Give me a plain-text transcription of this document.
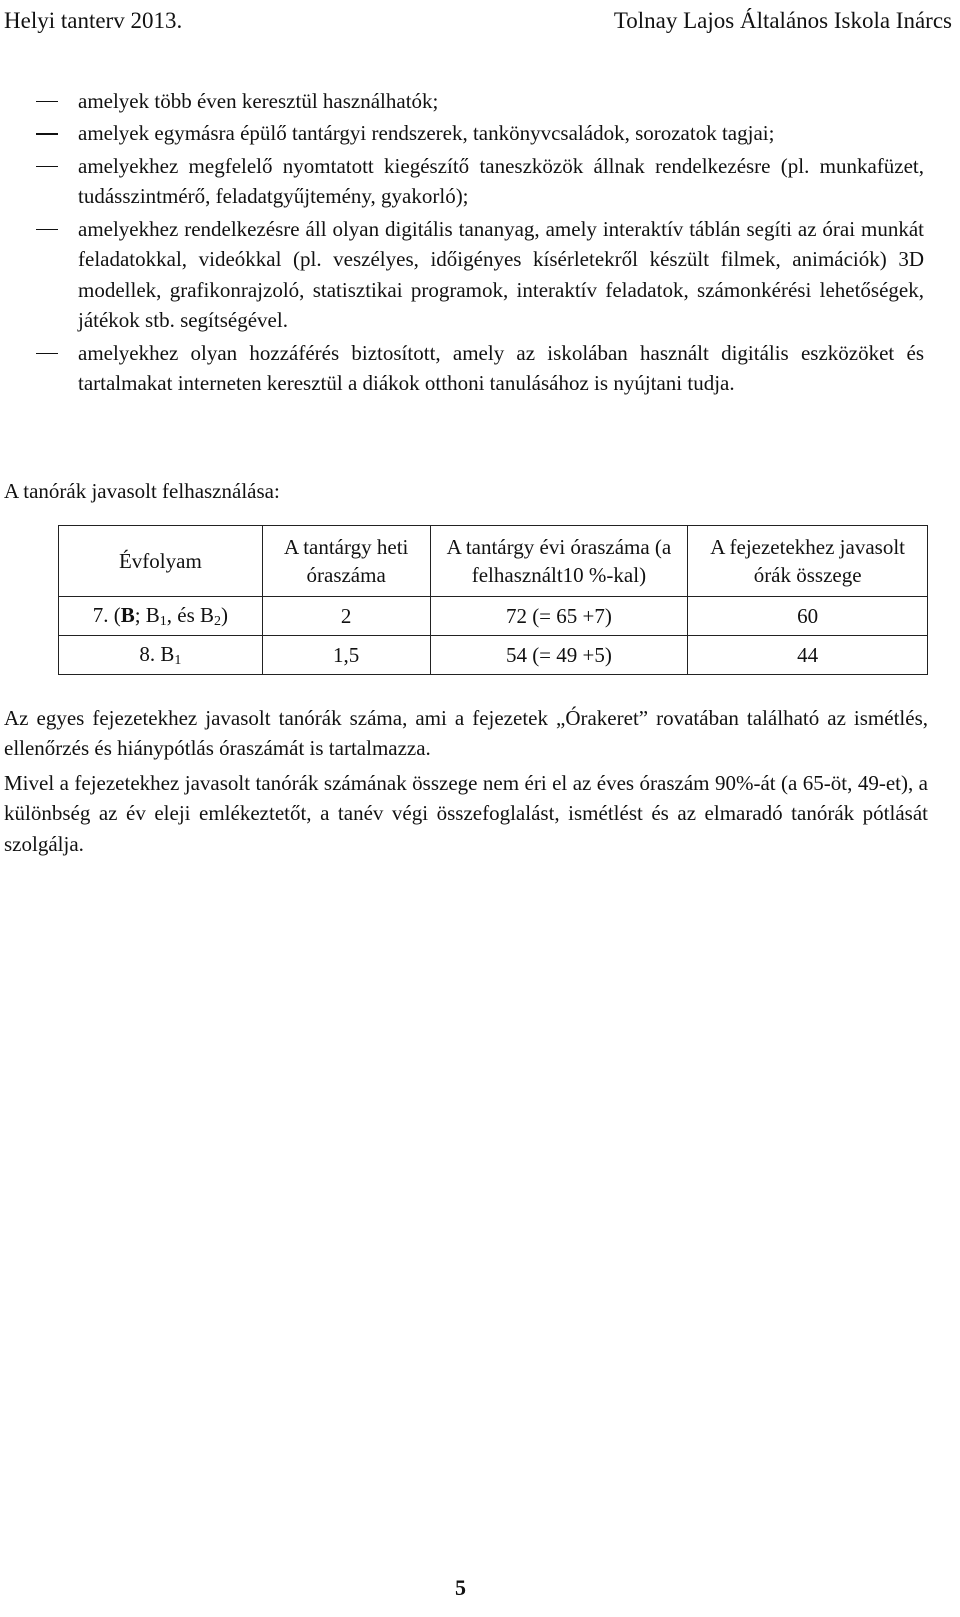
Helyi tanterv 2013.	Tolnay Lajos Általános Iskola Inárcs
amelyek több éven keresztül használhatók;
amelyek egymásra épülő tantárgyi rendszerek, tankönyvcsaládok, sorozatok tagjai;
amelyekhez megfelelő nyomtatott kiegészítő taneszközök állnak rendelkezésre (pl. munkafüzet, tudásszintmérő, feladatgyűjtemény, gyakorló);
amelyekhez rendelkezésre áll olyan digitális tananyag, amely interaktív táblán segíti az órai munkát feladatokkal, videókkal (pl. veszélyes, időigényes kísérletekről készült filmek, animációk) 3D modellek, grafikonrajzoló, statisztikai programok, interaktív feladatok, számonkérési lehetőségek, játékok stb. segítségével.
amelyekhez olyan hozzáférés biztosított, amely az iskolában használt digitális eszközöket és tartalmakat interneten keresztül a diákok otthoni tanulásához is nyújtani tudja.
A tanórák javasolt felhasználása:
Évfolyam	A tantárgy heti óraszáma	A tantárgy évi óraszáma (a felhasznált10 %-kal)	A fejezetekhez javasolt órák összege
7. (B; $B_1$, és $B_2$)	2	72 (= 65 +7)	60
8. $B_1$	1,5	54 (= 49 +5)	44
Az egyes fejezetekhez javasolt tanórák száma, ami a fejezetek „Órakeret” rovatában található az ismétlés, ellenőrzés és hiánypótlás óraszámát is tartalmazza.
Mivel a fejezetekhez javasolt tanórák számának összege nem éri el az éves óraszám 90%-át (a 65-öt, 49-et), a különbség az év eleji emlékeztetőt, a tanév végi összefoglalást, ismétlést és az elmaradó tanórák pótlását szolgálja.
5
